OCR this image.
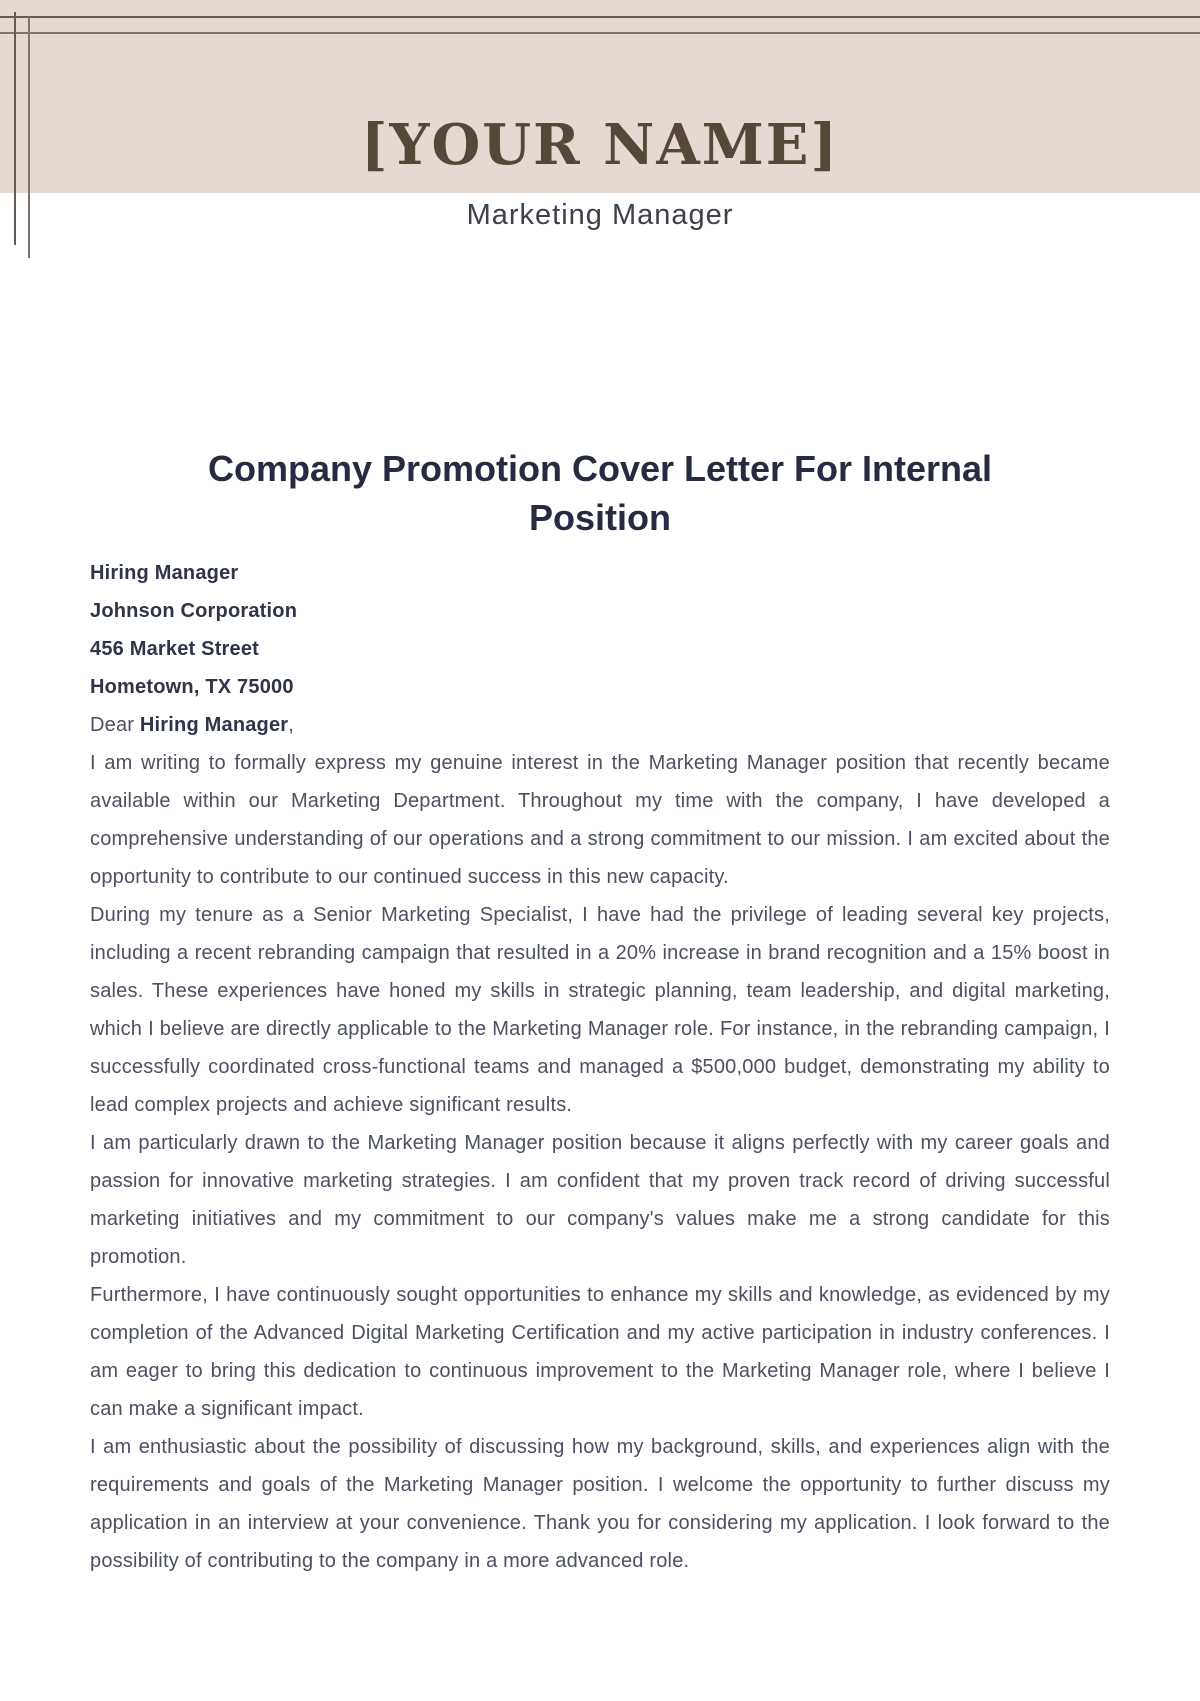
[YOUR NAME]
Marketing Manager
Company Promotion Cover Letter For Internal Position
Hiring Manager
Johnson Corporation
456 Market Street
Hometown, TX 75000
Dear Hiring Manager,

I am writing to formally express my genuine interest in the Marketing Manager position that recently became available within our Marketing Department. Throughout my time with the company, I have developed a comprehensive understanding of our operations and a strong commitment to our mission. I am excited about the opportunity to contribute to our continued success in this new capacity.

During my tenure as a Senior Marketing Specialist, I have had the privilege of leading several key projects, including a recent rebranding campaign that resulted in a 20% increase in brand recognition and a 15% boost in sales. These experiences have honed my skills in strategic planning, team leadership, and digital marketing, which I believe are directly applicable to the Marketing Manager role. For instance, in the rebranding campaign, I successfully coordinated cross-functional teams and managed a $500,000 budget, demonstrating my ability to lead complex projects and achieve significant results.

I am particularly drawn to the Marketing Manager position because it aligns perfectly with my career goals and passion for innovative marketing strategies. I am confident that my proven track record of driving successful marketing initiatives and my commitment to our company's values make me a strong candidate for this promotion.

Furthermore, I have continuously sought opportunities to enhance my skills and knowledge, as evidenced by my completion of the Advanced Digital Marketing Certification and my active participation in industry conferences. I am eager to bring this dedication to continuous improvement to the Marketing Manager role, where I believe I can make a significant impact.

I am enthusiastic about the possibility of discussing how my background, skills, and experiences align with the requirements and goals of the Marketing Manager position. I welcome the opportunity to further discuss my application in an interview at your convenience. Thank you for considering my application. I look forward to the possibility of contributing to the company in a more advanced role.
